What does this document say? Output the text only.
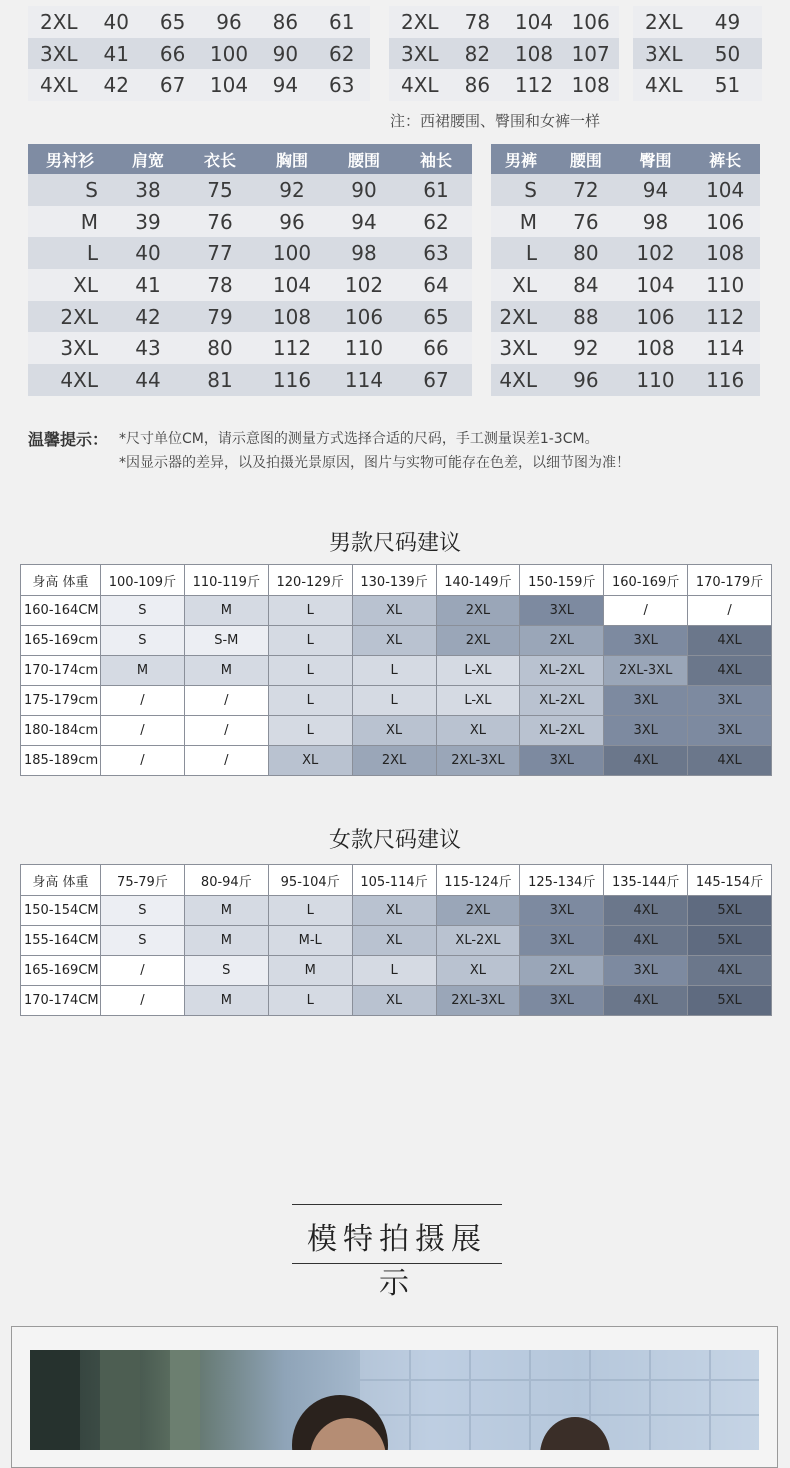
2XL	40	65	96	86	61
3XL	41	66	100	90	62
4XL	42	67	104	94	63
2XL	78	104	106
3XL	82	108	107
4XL	86	112	108
2XL	49
3XL	50
4XL	51
注：西裙腰围、臀围和女裤一样
男衬衫	肩宽	衣长	胸围	腰围	袖长
S	38	75	92	90	61
M	39	76	96	94	62
L	40	77	100	98	63
XL	41	78	104	102	64
2XL	42	79	108	106	65
3XL	43	80	112	110	66
4XL	44	81	116	114	67
男裤	腰围	臀围	裤长
S	72	94	104
M	76	98	106
L	80	102	108
XL	84	104	110
2XL	88	106	112
3XL	92	108	114
4XL	96	110	116
温馨提示： *尺寸单位CM，请示意图的测量方式选择合适的尺码，手工测量误差1-3CM。
*因显示器的差异，以及拍摄光景原因，图片与实物可能存在色差，以细节图为准！
男款尺码建议
身高 体重	100-109斤	110-119斤	120-129斤	130-139斤	140-149斤	150-159斤	160-169斤	170-179斤
160-164CM	S	M	L	XL	2XL	3XL	/	/
165-169cm	S	S-M	L	XL	2XL	2XL	3XL	4XL
170-174cm	M	M	L	L	L-XL	XL-2XL	2XL-3XL	4XL
175-179cm	/	/	L	L	L-XL	XL-2XL	3XL	3XL
180-184cm	/	/	L	XL	XL	XL-2XL	3XL	3XL
185-189cm	/	/	XL	2XL	2XL-3XL	3XL	4XL	4XL
女款尺码建议
身高 体重	75-79斤	80-94斤	95-104斤	105-114斤	115-124斤	125-134斤	135-144斤	145-154斤
150-154CM	S	M	L	XL	2XL	3XL	4XL	5XL
155-164CM	S	M	M-L	XL	XL-2XL	3XL	4XL	5XL
165-169CM	/	S	M	L	XL	2XL	3XL	4XL
170-174CM	/	M	L	XL	2XL-3XL	3XL	4XL	5XL
模特拍摄展示
